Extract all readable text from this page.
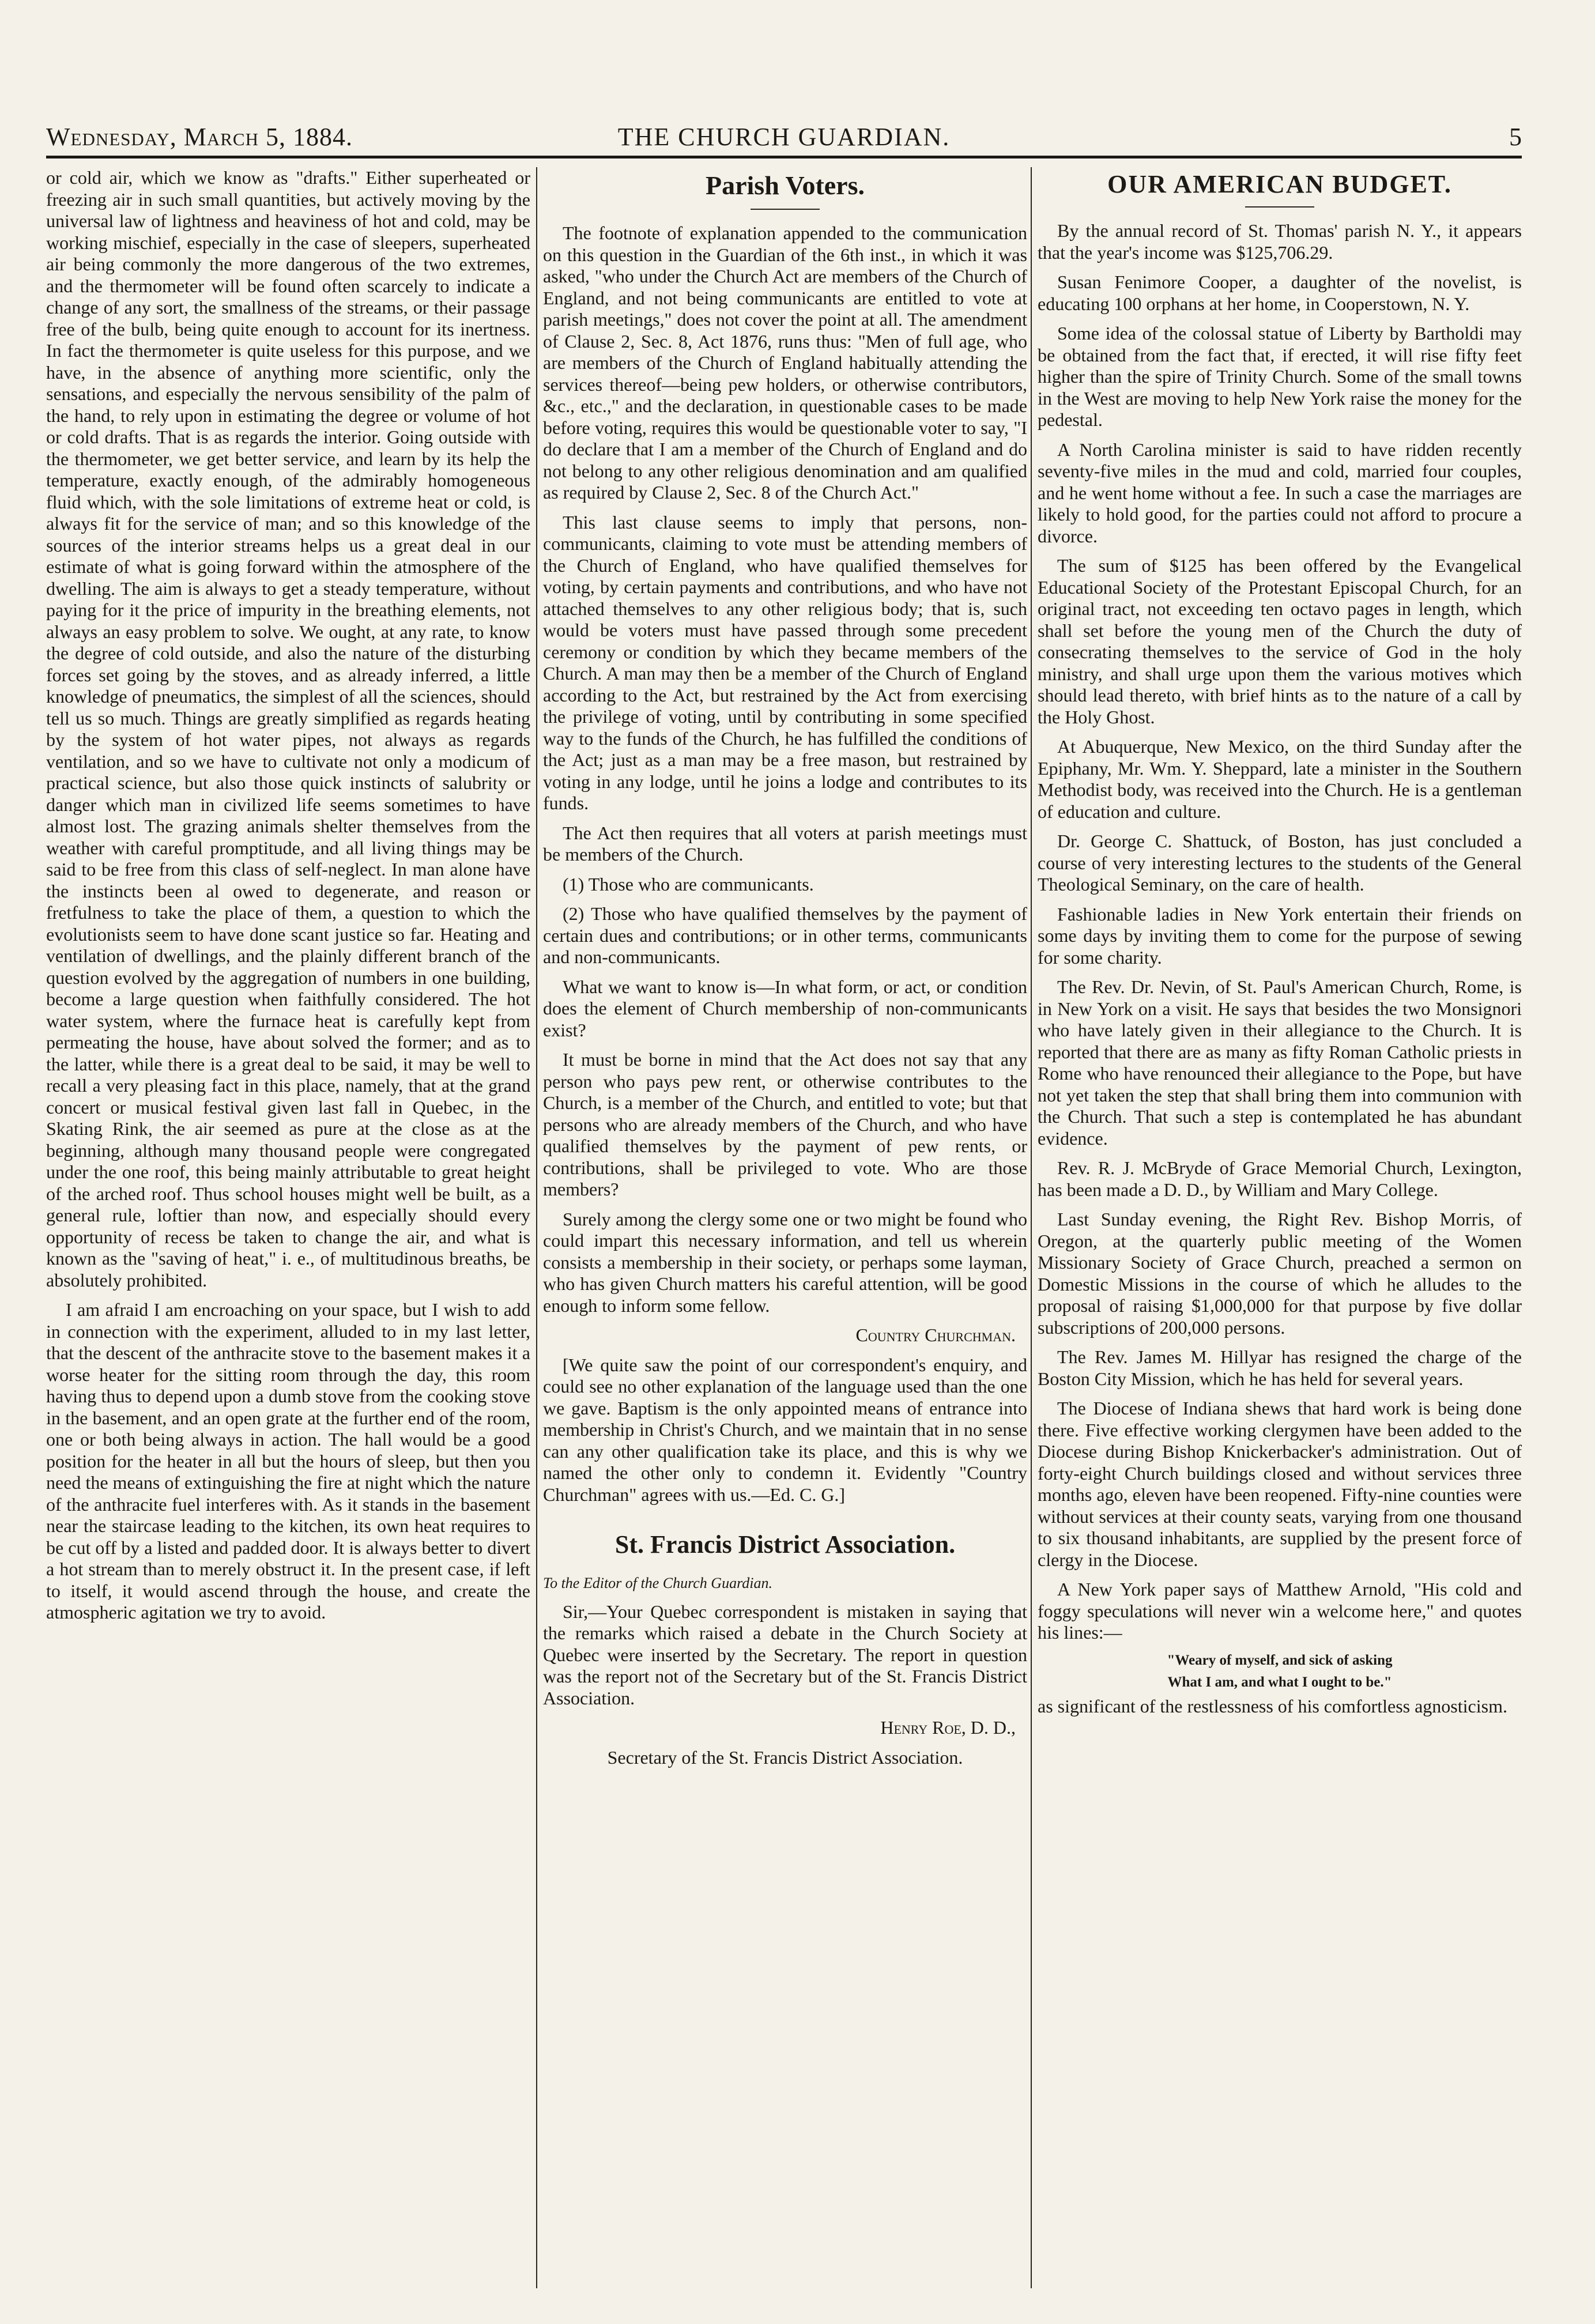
Wednesday, March 5, 1884.	THE CHURCH GUARDIAN.	5

or cold air, which we know as "drafts." Either superheated or freezing air in such small quantities, but actively moving by the universal law of lightness and heaviness of hot and cold, may be working mischief, especially in the case of sleepers, superheated air being commonly the more dangerous of the two extremes, and the thermometer will be found often scarcely to indicate a change of any sort, the smallness of the streams, or their passage free of the bulb, being quite enough to account for its inertness. In fact the thermometer is quite useless for this purpose, and we have, in the absence of anything more scientific, only the sensations, and especially the nervous sensibility of the palm of the hand, to rely upon in estimating the degree or volume of hot or cold drafts. That is as regards the interior. Going outside with the thermometer, we get better service, and learn by its help the temperature, exactly enough, of the admirably homogeneous fluid which, with the sole limitations of extreme heat or cold, is always fit for the service of man; and so this knowledge of the sources of the interior streams helps us a great deal in our estimate of what is going forward within the atmosphere of the dwelling. The aim is always to get a steady temperature, without paying for it the price of impurity in the breathing elements, not always an easy problem to solve. We ought, at any rate, to know the degree of cold outside, and also the nature of the disturbing forces set going by the stoves, and as already inferred, a little knowledge of pneumatics, the simplest of all the sciences, should tell us so much. Things are greatly simplified as regards heating by the system of hot water pipes, not always as regards ventilation, and so we have to cultivate not only a modicum of practical science, but also those quick instincts of salubrity or danger which man in civilized life seems sometimes to have almost lost. The grazing animals shelter themselves from the weather with careful promptitude, and all living things may be said to be free from this class of self-neglect. In man alone have the instincts been al owed to degenerate, and reason or fretfulness to take the place of them, a question to which the evolutionists seem to have done scant justice so far. Heating and ventilation of dwellings, and the plainly different branch of the question evolved by the aggregation of numbers in one building, become a large question when faithfully considered. The hot water system, where the furnace heat is carefully kept from permeating the house, have about solved the former; and as to the latter, while there is a great deal to be said, it may be well to recall a very pleasing fact in this place, namely, that at the grand concert or musical festival given last fall in Quebec, in the Skating Rink, the air seemed as pure at the close as at the beginning, although many thousand people were congregated under the one roof, this being mainly attributable to great height of the arched roof. Thus school houses might well be built, as a general rule, loftier than now, and especially should every opportunity of recess be taken to change the air, and what is known as the "saving of heat," i. e., of multitudinous breaths, be absolutely prohibited.

I am afraid I am encroaching on your space, but I wish to add in connection with the experiment, alluded to in my last letter, that the descent of the anthracite stove to the basement makes it a worse heater for the sitting room through the day, this room having thus to depend upon a dumb stove from the cooking stove in the basement, and an open grate at the further end of the room, one or both being always in action. The hall would be a good position for the heater in all but the hours of sleep, but then you need the means of extinguishing the fire at night which the nature of the anthracite fuel interferes with. As it stands in the basement near the staircase leading to the kitchen, its own heat requires to be cut off by a listed and padded door. It is always better to divert a hot stream than to merely obstruct it. In the present case, if left to itself, it would ascend through the house, and create the atmospheric agitation we try to avoid.

Parish Voters.

The footnote of explanation appended to the communication on this question in the Guardian of the 6th inst., in which it was asked, "who under the Church Act are members of the Church of England, and not being communicants are entitled to vote at parish meetings," does not cover the point at all. The amendment of Clause 2, Sec. 8, Act 1876, runs thus: "Men of full age, who are members of the Church of England habitually attending the services thereof—being pew holders, or otherwise contributors, &c., etc.," and the declaration, in questionable cases to be made before voting, requires this would be questionable voter to say, "I do declare that I am a member of the Church of England and do not belong to any other religious denomination and am qualified as required by Clause 2, Sec. 8 of the Church Act."

This last clause seems to imply that persons, non-communicants, claiming to vote must be attending members of the Church of England, who have qualified themselves for voting, by certain payments and contributions, and who have not attached themselves to any other religious body; that is, such would be voters must have passed through some precedent ceremony or condition by which they became members of the Church. A man may then be a member of the Church of England according to the Act, but restrained by the Act from exercising the privilege of voting, until by contributing in some specified way to the funds of the Church, he has fulfilled the conditions of the Act; just as a man may be a free mason, but restrained by voting in any lodge, until he joins a lodge and contributes to its funds.

The Act then requires that all voters at parish meetings must be members of the Church.

(1) Those who are communicants.

(2) Those who have qualified themselves by the payment of certain dues and contributions; or in other terms, communicants and non-communicants.

What we want to know is—In what form, or act, or condition does the element of Church membership of non-communicants exist?

It must be borne in mind that the Act does not say that any person who pays pew rent, or otherwise contributes to the Church, is a member of the Church, and entitled to vote; but that persons who are already members of the Church, and who have qualified themselves by the payment of pew rents, or contributions, shall be privileged to vote. Who are those members?

Surely among the clergy some one or two might be found who could impart this necessary information, and tell us wherein consists a membership in their society, or perhaps some layman, who has given Church matters his careful attention, will be good enough to inform some fellow.

Country Churchman.

[We quite saw the point of our correspondent's enquiry, and could see no other explanation of the language used than the one we gave. Baptism is the only appointed means of entrance into membership in Christ's Church, and we maintain that in no sense can any other qualification take its place, and this is why we named the other only to condemn it. Evidently "Country Churchman" agrees with us.—Ed. C. G.]

St. Francis District Association.

To the Editor of the Church Guardian.

Sir,—Your Quebec correspondent is mistaken in saying that the remarks which raised a debate in the Church Society at Quebec were inserted by the Secretary. The report in question was the report not of the Secretary but of the St. Francis District Association.

Henry Roe, D. D.,

Secretary of the St. Francis District Association.

OUR AMERICAN BUDGET.

By the annual record of St. Thomas' parish N. Y., it appears that the year's income was $125,706.29.

Susan Fenimore Cooper, a daughter of the novelist, is educating 100 orphans at her home, in Cooperstown, N. Y.

Some idea of the colossal statue of Liberty by Bartholdi may be obtained from the fact that, if erected, it will rise fifty feet higher than the spire of Trinity Church. Some of the small towns in the West are moving to help New York raise the money for the pedestal.

A North Carolina minister is said to have ridden recently seventy-five miles in the mud and cold, married four couples, and he went home without a fee. In such a case the marriages are likely to hold good, for the parties could not afford to procure a divorce.

The sum of $125 has been offered by the Evangelical Educational Society of the Protestant Episcopal Church, for an original tract, not exceeding ten octavo pages in length, which shall set before the young men of the Church the duty of consecrating themselves to the service of God in the holy ministry, and shall urge upon them the various motives which should lead thereto, with brief hints as to the nature of a call by the Holy Ghost.

At Abuquerque, New Mexico, on the third Sunday after the Epiphany, Mr. Wm. Y. Sheppard, late a minister in the Southern Methodist body, was received into the Church. He is a gentleman of education and culture.

Dr. George C. Shattuck, of Boston, has just concluded a course of very interesting lectures to the students of the General Theological Seminary, on the care of health.

Fashionable ladies in New York entertain their friends on some days by inviting them to come for the purpose of sewing for some charity.

The Rev. Dr. Nevin, of St. Paul's American Church, Rome, is in New York on a visit. He says that besides the two Monsignori who have lately given in their allegiance to the Church. It is reported that there are as many as fifty Roman Catholic priests in Rome who have renounced their allegiance to the Pope, but have not yet taken the step that shall bring them into communion with the Church. That such a step is contemplated he has abundant evidence.

Rev. R. J. McBryde of Grace Memorial Church, Lexington, has been made a D. D., by William and Mary College.

Last Sunday evening, the Right Rev. Bishop Morris, of Oregon, at the quarterly public meeting of the Women Missionary Society of Grace Church, preached a sermon on Domestic Missions in the course of which he alludes to the proposal of raising $1,000,000 for that purpose by five dollar subscriptions of 200,000 persons.

The Rev. James M. Hillyar has resigned the charge of the Boston City Mission, which he has held for several years.

The Diocese of Indiana shews that hard work is being done there. Five effective working clergymen have been added to the Diocese during Bishop Knickerbacker's administration. Out of forty-eight Church buildings closed and without services three months ago, eleven have been reopened. Fifty-nine counties were without services at their county seats, varying from one thousand to six thousand inhabitants, are supplied by the present force of clergy in the Diocese.

A New York paper says of Matthew Arnold, "His cold and foggy speculations will never win a welcome here," and quotes his lines:—

"Weary of myself, and sick of asking

What I am, and what I ought to be."

as significant of the restlessness of his comfortless agnosticism.
